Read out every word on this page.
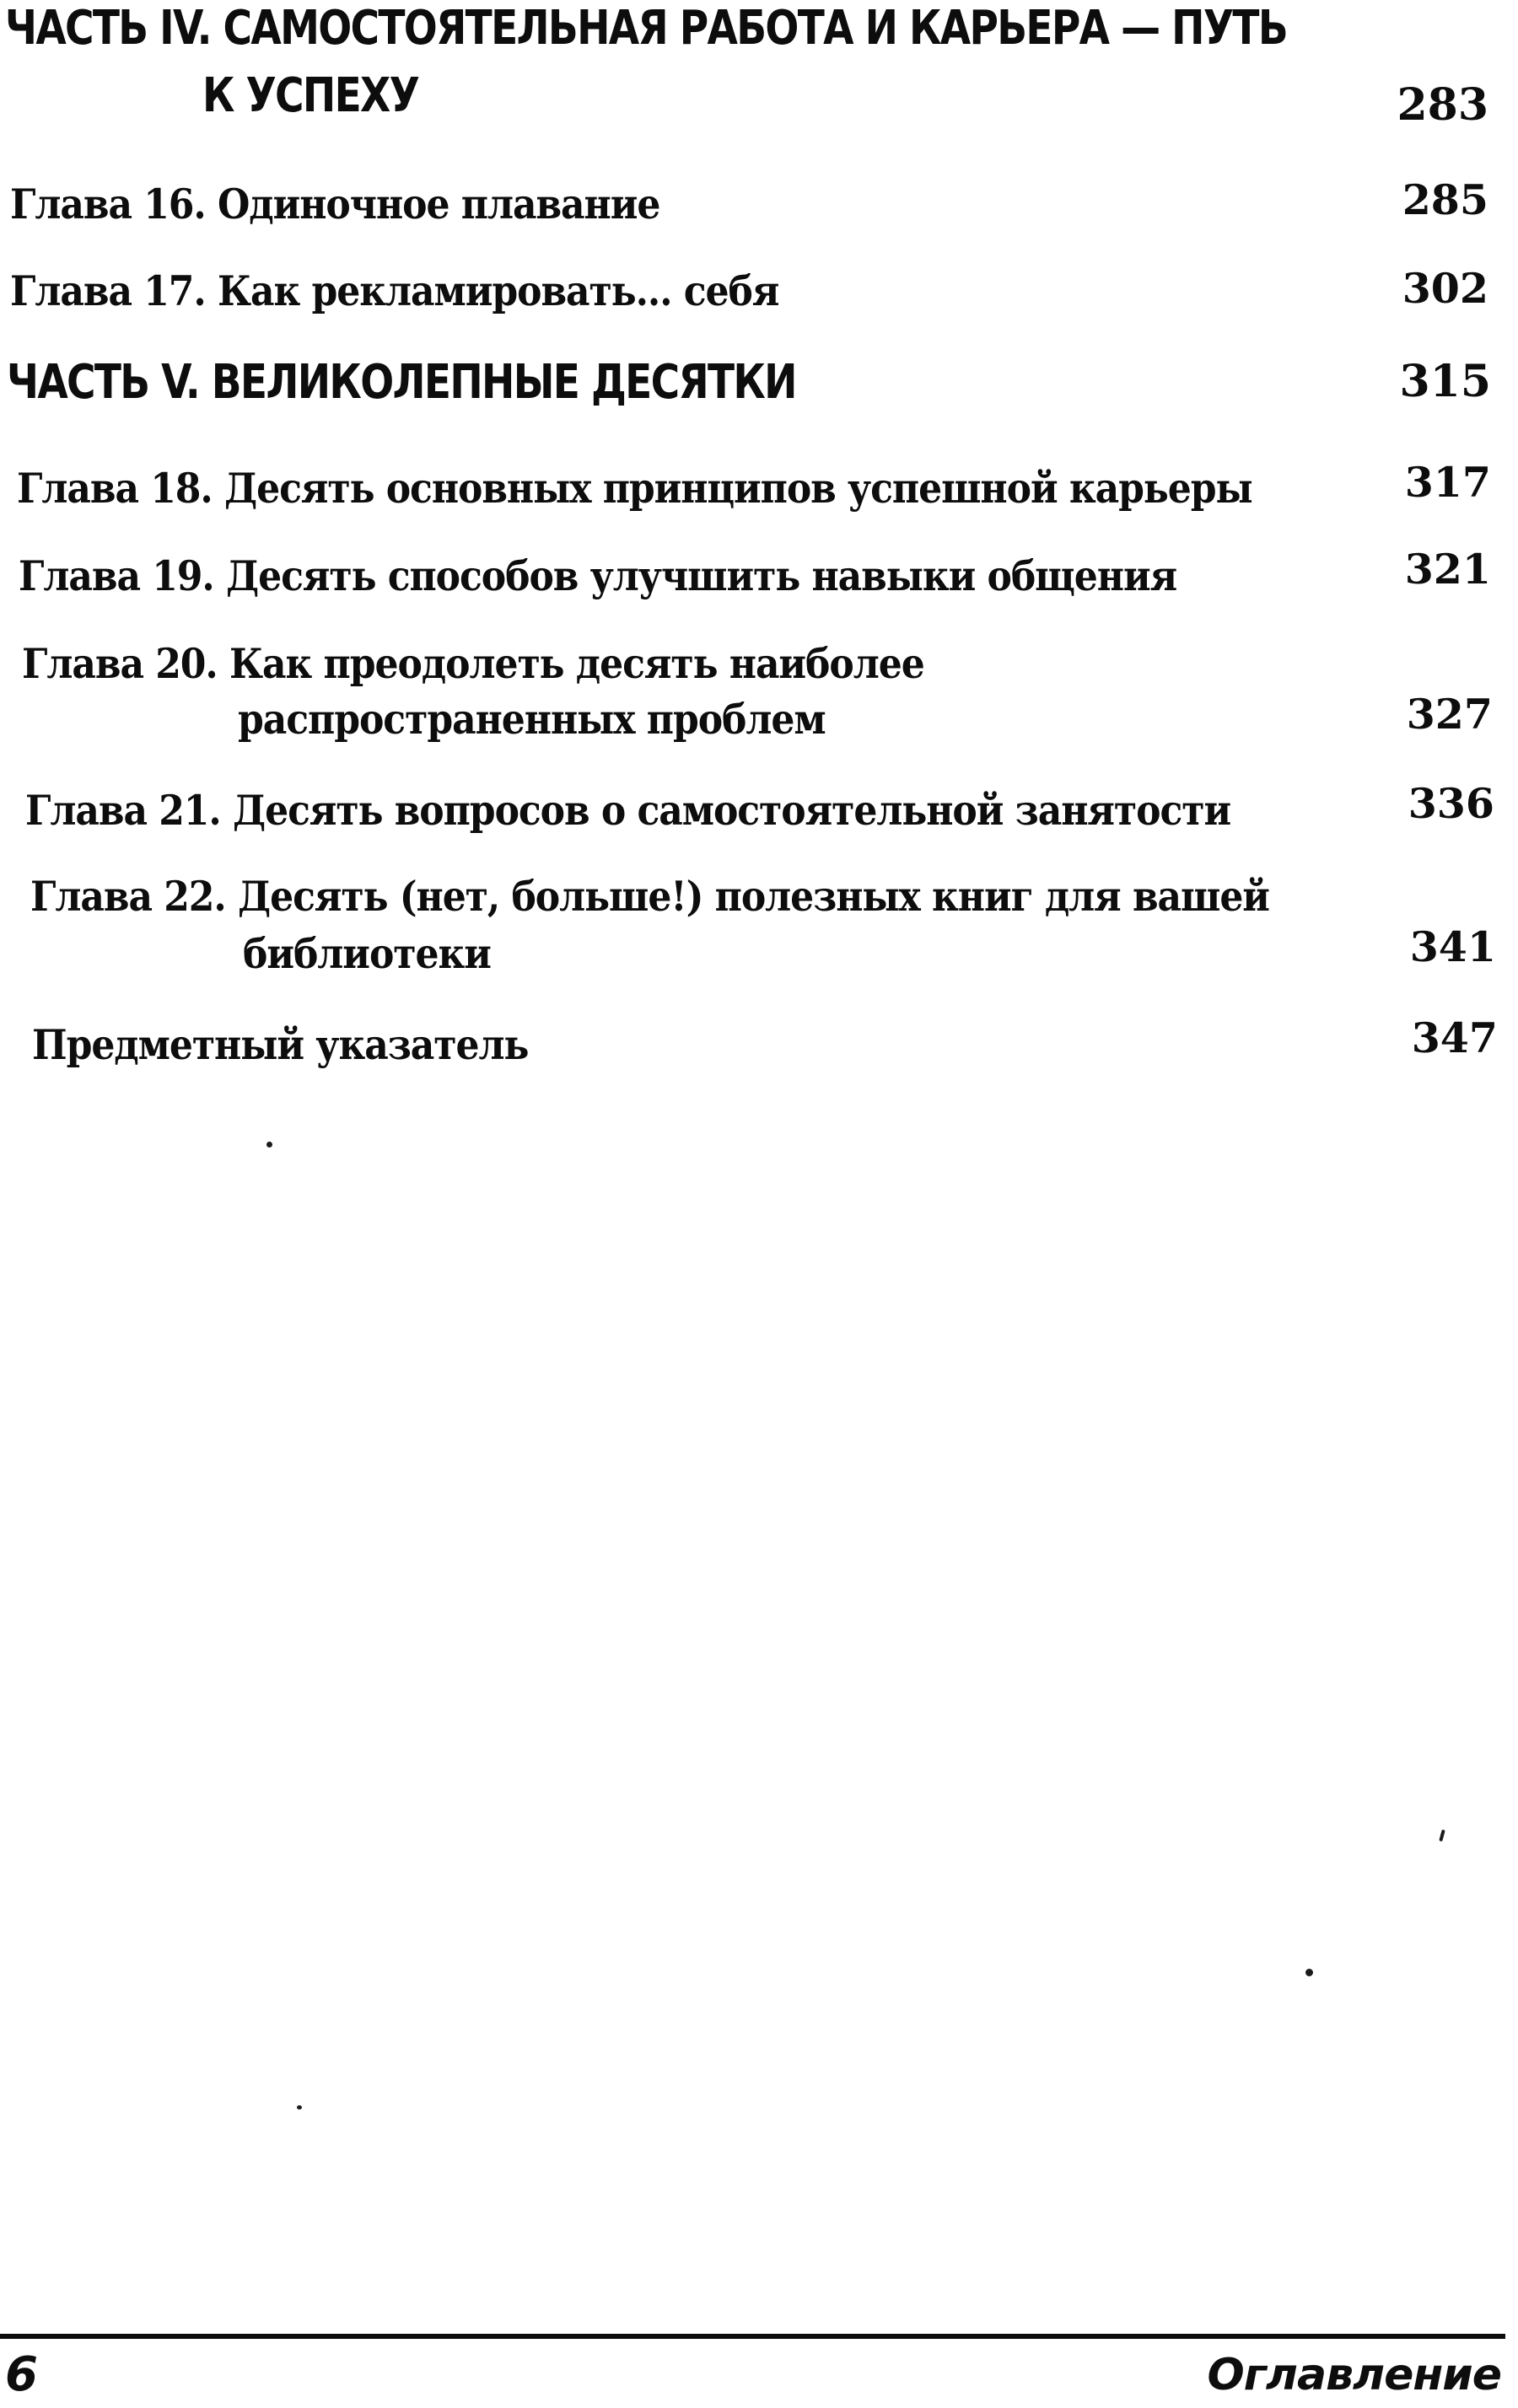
ЧАСТЬ IV. САМОСТОЯТЕЛЬНАЯ РАБОТА И КАРЬЕРА — ПУТЬ
К УСПЕХУ	283
Глава 16. Одиночное плавание	285
Глава 17. Как рекламировать... себя	302
ЧАСТЬ V. ВЕЛИКОЛЕПНЫЕ ДЕСЯТКИ	315
Глава 18. Десять основных принципов успешной карьеры	317
Глава 19. Десять способов улучшить навыки общения	321
Глава 20. Как преодолеть десять наиболее
распространенных проблем	327
Глава 21. Десять вопросов о самостоятельной занятости	336
Глава 22. Десять (нет, больше!) полезных книг для вашей
библиотеки	341
Предметный указатель	347
6	Оглавление
